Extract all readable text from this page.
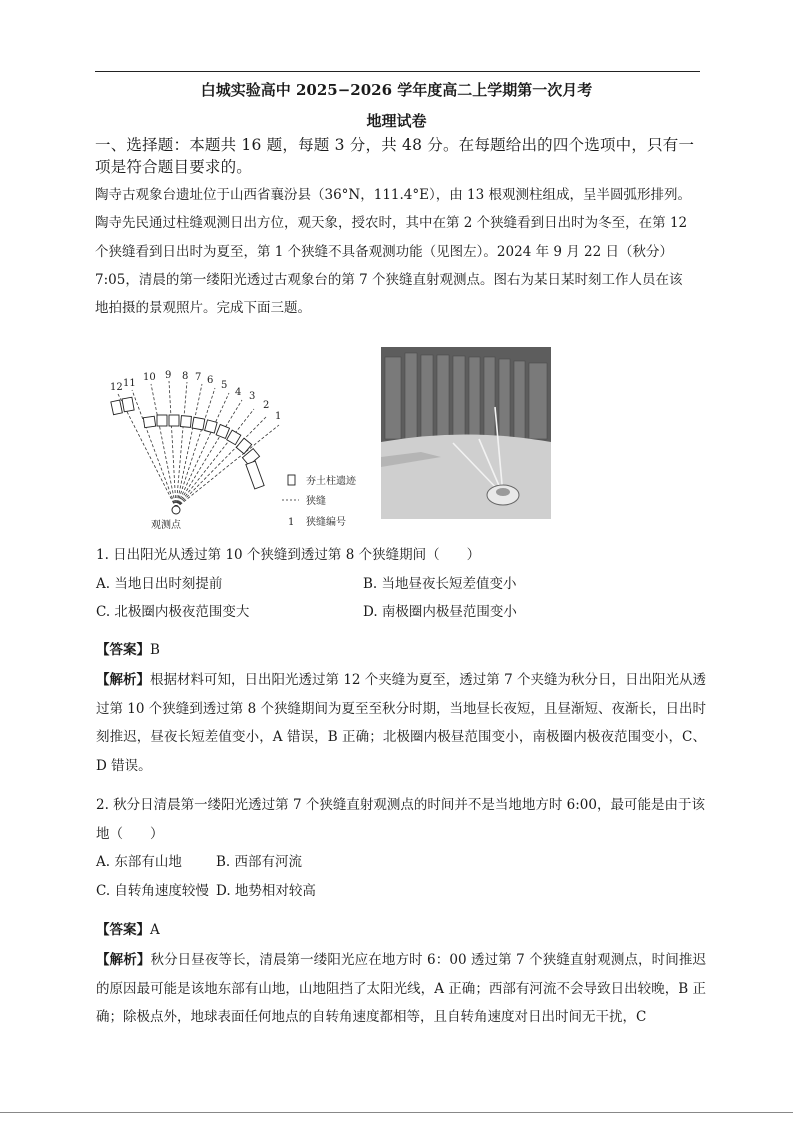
白城实验高中 2025−2026 学年度高二上学期第一次月考
地理试卷
一、选择题：本题共 16 题，每题 3 分，共 48 分。在每题给出的四个选项中，只有一项是符合题目要求的。

陶寺古观象台遗址位于山西省襄汾县（36°N，111.4°E），由 13 根观测柱组成，呈半圆弧形排列。

陶寺先民通过柱缝观测日出方位，观天象，授农时，其中在第 2 个狭缝看到日出时为冬至，在第 12

个狭缝看到日出时为夏至，第 1 个狭缝不具备观测功能（见图左）。2024 年 9 月 22 日（秋分）

7:05，清晨的第一缕阳光透过古观象台的第 7 个狭缝直射观测点。图右为某日某时刻工作人员在该

地拍摄的景观照片。完成下面三题。

12 11
10 9 8 7 6 5
4 3
2
1
观测点
夯土柱遗迹
狭缝
1 狭缝编号
1. 日出阳光从透过第 10 个狭缝到透过第 8 个狭缝期间（　　）
A. 当地日出时刻提前	B. 当地昼夜长短差值变小
C. 北极圈内极夜范围变大	D. 南极圈内极昼范围变小
【答案】B
【解析】根据材料可知，日出阳光透过第 12 个夹缝为夏至，透过第 7 个夹缝为秋分日，日出阳光从透过第 10 个狭缝到透过第 8 个狭缝期间为夏至至秋分时期，当地昼长夜短，且昼渐短、夜渐长，日出时刻推迟，昼夜长短差值变小，A 错误，B 正确；北极圈内极昼范围变小，南极圈内极夜范围变小，C、D 错误。
2. 秋分日清晨第一缕阳光透过第 7 个狭缝直射观测点的时间并不是当地地方时 6:00，最可能是由于该地（　　）
A. 东部有山地	B. 西部有河流
C. 自转角速度较慢 D. 地势相对较高
【答案】A
【解析】秋分日昼夜等长，清晨第一缕阳光应在地方时 6：00 透过第 7 个狭缝直射观测点，时间推迟的原因最可能是该地东部有山地，山地阻挡了太阳光线，A 正确；西部有河流不会导致日出较晚，B 正确；除极点外，地球表面任何地点的自转角速度都相等，且自转角速度对日出时间无干扰，C
